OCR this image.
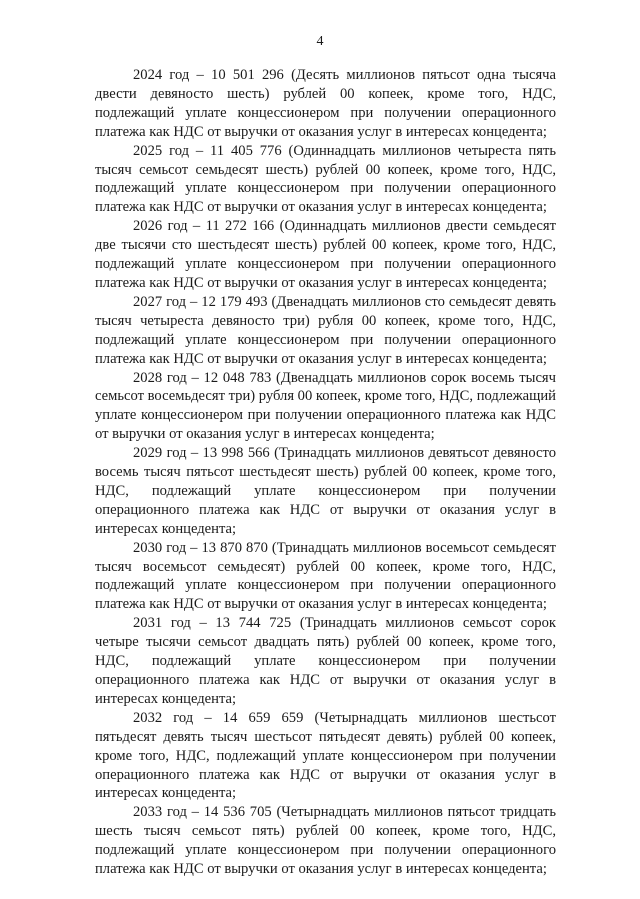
4

2024 год – 10 501 296 (Десять миллионов пятьсот одна тысяча двести девяносто шесть) рублей 00 копеек, кроме того, НДС, подлежащий уплате концессионером при получении операционного платежа как НДС от выручки от оказания услуг в интересах концедента;

2025 год – 11 405 776 (Одиннадцать миллионов четыреста пять тысяч семьсот семьдесят шесть) рублей 00 копеек, кроме того, НДС, подлежащий уплате концессионером при получении операционного платежа как НДС от выручки от оказания услуг в интересах концедента;

2026 год – 11 272 166 (Одиннадцать миллионов двести семьдесят две тысячи сто шестьдесят шесть) рублей 00 копеек, кроме того, НДС, подлежащий уплате концессионером при получении операционного платежа как НДС от выручки от оказания услуг в интересах концедента;

2027 год – 12 179 493 (Двенадцать миллионов сто семьдесят девять тысяч четыреста девяносто три) рубля 00 копеек, кроме того, НДС, подлежащий уплате концессионером при получении операционного платежа как НДС от выручки от оказания услуг в интересах концедента;

2028 год – 12 048 783 (Двенадцать миллионов сорок восемь тысяч семьсот восемьдесят три) рубля 00 копеек, кроме того, НДС, подлежащий уплате концессионером при получении операционного платежа как НДС от выручки от оказания услуг в интересах концедента;

2029 год – 13 998 566 (Тринадцать миллионов девятьсот девяносто восемь тысяч пятьсот шестьдесят шесть) рублей 00 копеек, кроме того, НДС, подлежащий уплате концессионером при получении операционного платежа как НДС от выручки от оказания услуг в интересах концедента;

2030 год – 13 870 870 (Тринадцать миллионов восемьсот семьдесят тысяч восемьсот семьдесят) рублей 00 копеек, кроме того, НДС, подлежащий уплате концессионером при получении операционного платежа как НДС от выручки от оказания услуг в интересах концедента;

2031 год – 13 744 725 (Тринадцать миллионов семьсот сорок четыре тысячи семьсот двадцать пять) рублей 00 копеек, кроме того, НДС, подлежащий уплате концессионером при получении операционного платежа как НДС от выручки от оказания услуг в интересах концедента;

2032 год – 14 659 659 (Четырнадцать миллионов шестьсот пятьдесят девять тысяч шестьсот пятьдесят девять) рублей 00 копеек, кроме того, НДС, подлежащий уплате концессионером при получении операционного платежа как НДС от выручки от оказания услуг в интересах концедента;

2033 год – 14 536 705 (Четырнадцать миллионов пятьсот тридцать шесть тысяч семьсот пять) рублей 00 копеек, кроме того, НДС, подлежащий уплате концессионером при получении операционного платежа как НДС от выручки от оказания услуг в интересах концедента;
